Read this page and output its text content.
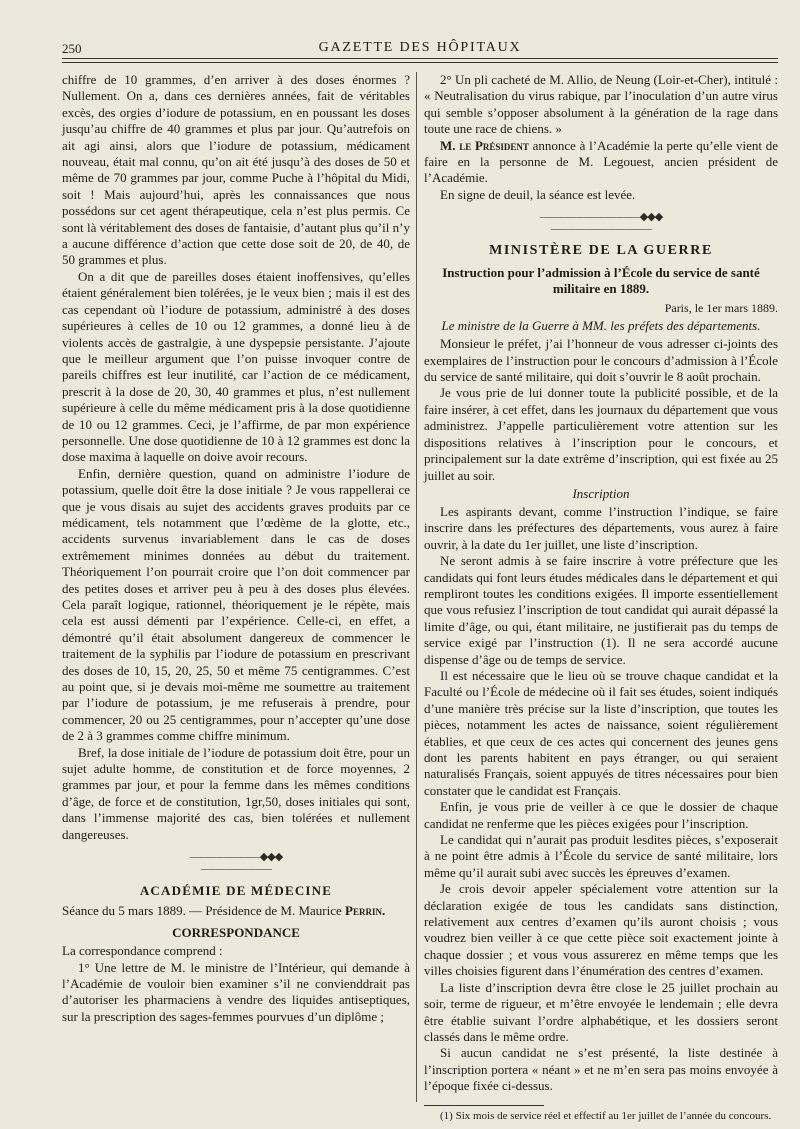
250	GAZETTE DES HÔPITAUX

chiffre de 10 grammes, d’en arriver à des doses énormes ? Nullement. On a, dans ces dernières années, fait de véritables excès, des orgies d’iodure de potassium, en en poussant les doses jusqu’au chiffre de 40 grammes et plus par jour. Qu’autrefois on ait agi ainsi, alors que l’iodure de potassium, médicament nouveau, était mal connu, qu’on ait été jusqu’à des doses de 50 et même de 70 grammes par jour, comme Puche à l’hôpital du Midi, soit ! Mais aujourd’hui, après les connaissances que nous possédons sur cet agent thérapeutique, cela n’est plus permis. Ce sont là véritablement des doses de fantaisie, d’autant plus qu’il n’y a aucune différence d’action que cette dose soit de 20, de 40, de 50 grammes et plus.

On a dit que de pareilles doses étaient inoffensives, qu’elles étaient généralement bien tolérées, je le veux bien ; mais il est des cas cependant où l’iodure de potassium, administré à des doses supérieures à celles de 10 ou 12 grammes, a donné lieu à de violents accès de gastralgie, à une dyspepsie persistante. J’ajoute que le meilleur argument que l’on puisse invoquer contre de pareils chiffres est leur inutilité, car l’action de ce médicament, prescrit à la dose de 20, 30, 40 grammes et plus, n’est nullement supérieure à celle du même médicament pris à la dose quotidienne de 10 ou 12 grammes. Ceci, je l’affirme, de par mon expérience personnelle. Une dose quotidienne de 10 à 12 grammes est donc la dose maxima à laquelle on doive avoir recours.

Enfin, dernière question, quand on administre l’iodure de potassium, quelle doit être la dose initiale ? Je vous rappellerai ce que je vous disais au sujet des accidents graves produits par ce médicament, tels notamment que l’œdème de la glotte, etc., accidents survenus invariablement dans le cas de doses extrêmement minimes données au début du traitement. Théoriquement l’on pourrait croire que l’on doit commencer par des petites doses et arriver peu à peu à des doses plus élevées. Cela paraît logique, rationnel, théoriquement je le répète, mais cela est aussi démenti par l’expérience. Celle-ci, en effet, a démontré qu’il était absolument dangereux de commencer le traitement de la syphilis par l’iodure de potassium en prescrivant des doses de 10, 15, 20, 25, 50 et même 75 centigrammes. C’est au point que, si je devais moi-même me soumettre au traitement par l’iodure de potassium, je me refuserais à prendre, pour commencer, 20 ou 25 centigrammes, pour n’accepter qu’une dose de 2 à 3 grammes comme chiffre minimum.

Bref, la dose initiale de l’iodure de potassium doit être, pour un sujet adulte homme, de constitution et de force moyennes, 2 grammes par jour, et pour la femme dans les mêmes conditions d’âge, de force et de constitution, 1gr,50, doses initiales qui sont, dans l’immense majorité des cas, bien tolérées et nullement dangereuses.

———————◆◆◆———————
ACADÉMIE DE MÉDECINE
Séance du 5 mars 1889. — Présidence de M. Maurice Perrin.
CORRESPONDANCE

La correspondance comprend :

1° Une lettre de M. le ministre de l’Intérieur, qui demande à l’Académie de vouloir bien examiner s’il ne convienddrait pas d’autoriser les pharmaciens à vendre des liquides antiseptiques, sur la prescription des sages-femmes pourvues d’un diplôme ;

2° Un pli cacheté de M. Allio, de Neung (Loir-et-Cher), intitulé : « Neutralisation du virus rabique, par l’inoculation d’un autre virus qui semble s’opposer absolument à la génération de la rage dans toute une race de chiens. »

M. le Président annonce à l’Académie la perte qu’elle vient de faire en la personne de M. Legouest, ancien président de l’Académie.

En signe de deuil, la séance est levée.

——————————◆◆◆——————————
MINISTÈRE DE LA GUERRE
Instruction pour l’admission à l’École du service de santé militaire en 1889.
Paris, le 1er mars 1889.
Le ministre de la Guerre à MM. les préfets des départements.

Monsieur le préfet, j’ai l’honneur de vous adresser ci-joints des exemplaires de l’instruction pour le concours d’admission à l’École du service de santé militaire, qui doit s’ouvrir le 8 août prochain.

Je vous prie de lui donner toute la publicité possible, et de la faire insérer, à cet effet, dans les journaux du département que vous administrez. J’appelle particulièrement votre attention sur les dispositions relatives à l’inscription pour le concours, et principalement sur la date extrême d’inscription, qui est fixée au 25 juillet au soir.

Inscription

Les aspirants devant, comme l’instruction l’indique, se faire inscrire dans les préfectures des départements, vous aurez à faire ouvrir, à la date du 1er juillet, une liste d’inscription.

Ne seront admis à se faire inscrire à votre préfecture que les candidats qui font leurs études médicales dans le département et qui rempliront toutes les conditions exigées. Il importe essentiellement que vous refusiez l’inscription de tout candidat qui aurait dépassé la limite d’âge, ou qui, étant militaire, ne justifierait pas du temps de service exigé par l’instruction (1). Il ne sera accordé aucune dispense d’âge ou de temps de service.

Il est nécessaire que le lieu où se trouve chaque candidat et la Faculté ou l’École de médecine où il fait ses études, soient indiqués d’une manière très précise sur la liste d’inscription, que toutes les pièces, notamment les actes de naissance, soient régulièrement établies, et que ceux de ces actes qui concernent des jeunes gens dont les parents habitent en pays étranger, ou qui seraient naturalisés Français, soient appuyés de titres nécessaires pour bien constater que le candidat est Français.

Enfin, je vous prie de veiller à ce que le dossier de chaque candidat ne renferme que les pièces exigées pour l’inscription.

Le candidat qui n’aurait pas produit lesdites pièces, s’exposerait à ne point être admis à l’École du service de santé militaire, lors même qu’il aurait subi avec succès les épreuves d’examen.

Je crois devoir appeler spécialement votre attention sur la déclaration exigée de tous les candidats sans distinction, relativement aux centres d’examen qu’ils auront choisis ; vous voudrez bien veiller à ce que cette pièce soit exactement jointe à chaque dossier ; et vous vous assurerez en même temps que les villes choisies figurent dans l’énumération des centres d’examen.

La liste d’inscription devra être close le 25 juillet prochain au soir, terme de rigueur, et m’être envoyée le lendemain ; elle devra être établie suivant l’ordre alphabétique, et les dossiers seront classés dans le même ordre.

Si aucun candidat ne s’est présenté, la liste destinée à l’inscription portera « néant » et ne m’en sera pas moins envoyée à l’époque fixée ci-dessus.

(1) Six mois de service réel et effectif au 1er juillet de l’année du concours.
